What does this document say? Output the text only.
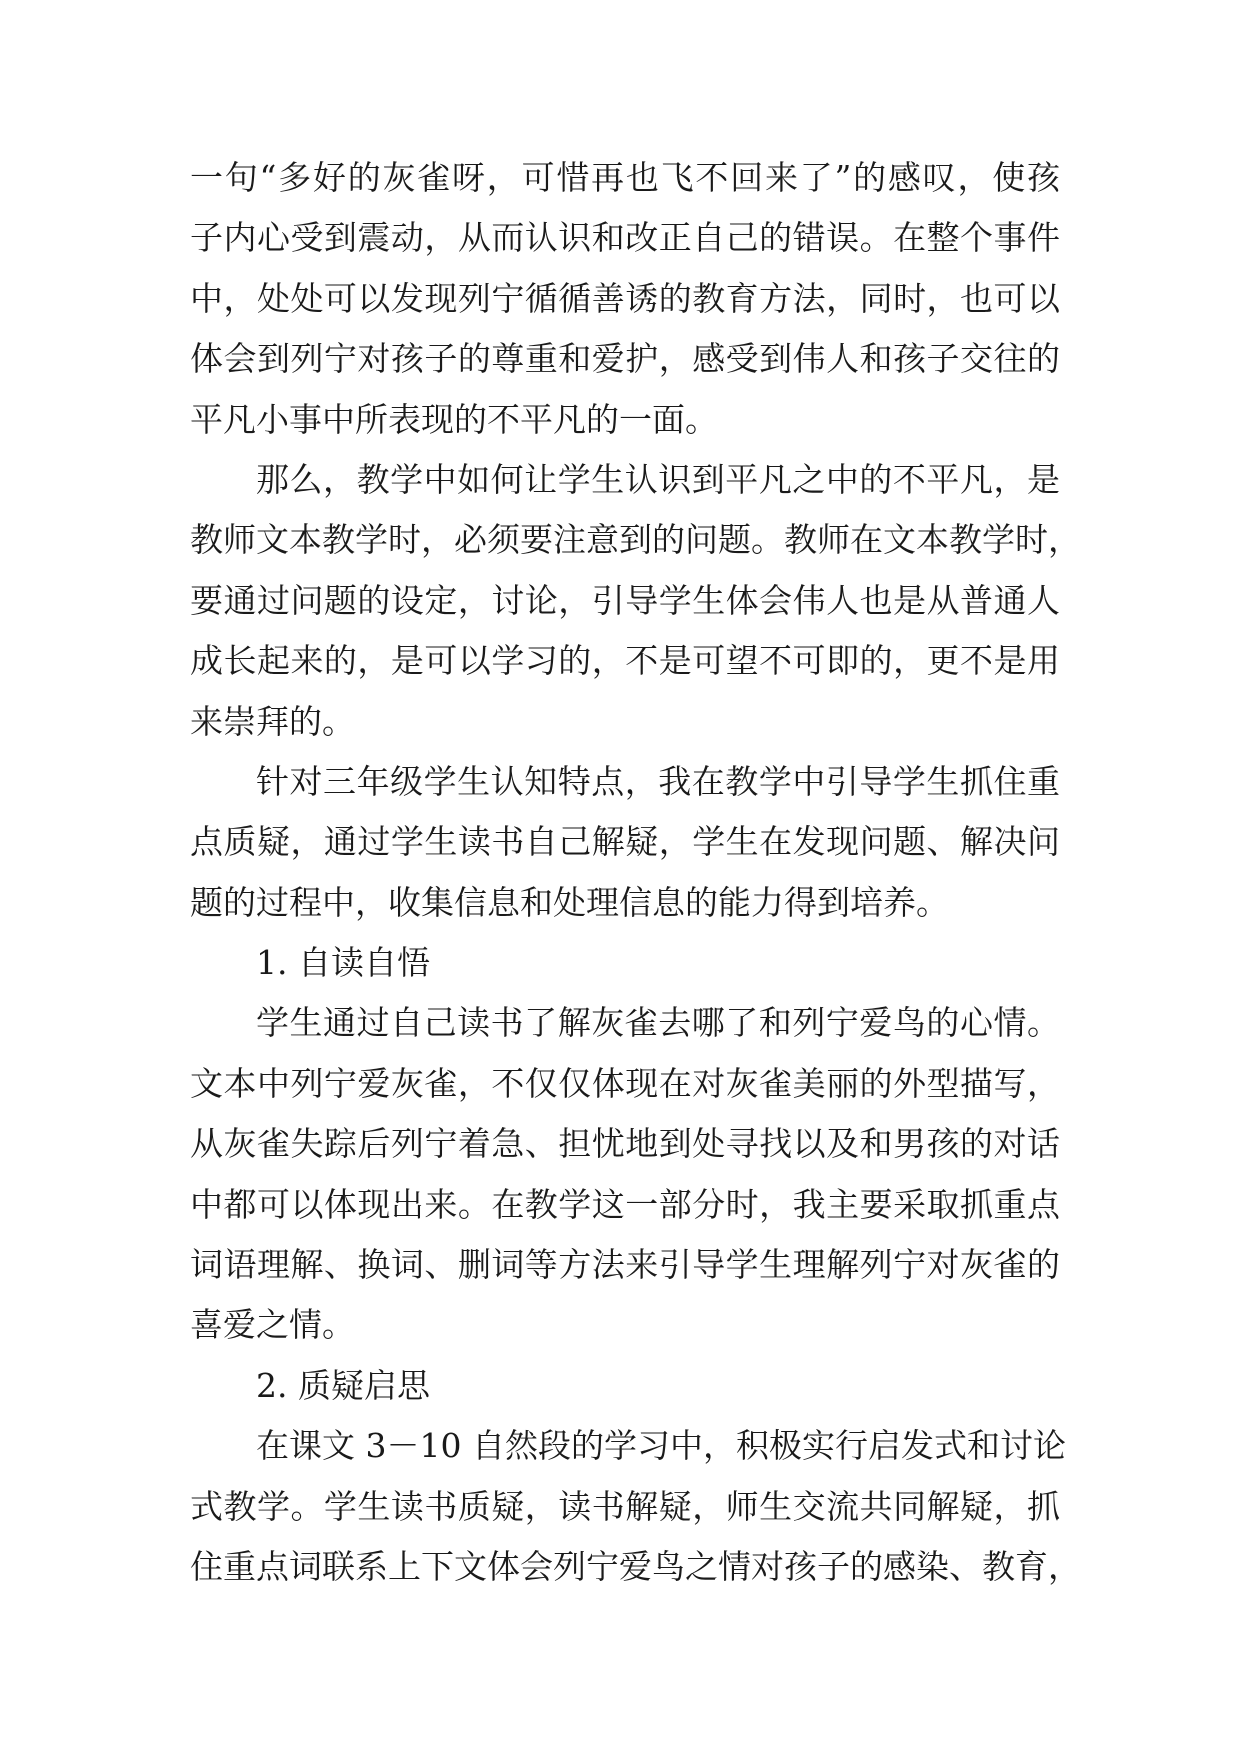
一句“多好的灰雀呀，可惜再也飞不回来了”的感叹，使孩
子内心受到震动，从而认识和改正自己的错误。在整个事件
中，处处可以发现列宁循循善诱的教育方法，同时，也可以
体会到列宁对孩子的尊重和爱护，感受到伟人和孩子交往的
平凡小事中所表现的不平凡的一面。
那么，教学中如何让学生认识到平凡之中的不平凡，是
教师文本教学时，必须要注意到的问题。教师在文本教学时，
要通过问题的设定，讨论，引导学生体会伟人也是从普通人
成长起来的，是可以学习的，不是可望不可即的，更不是用
来崇拜的。
针对三年级学生认知特点，我在教学中引导学生抓住重
点质疑，通过学生读书自己解疑，学生在发现问题、解决问
题的过程中，收集信息和处理信息的能力得到培养。
1. 自读自悟
学生通过自己读书了解灰雀去哪了和列宁爱鸟的心情。
文本中列宁爱灰雀，不仅仅体现在对灰雀美丽的外型描写，
从灰雀失踪后列宁着急、担忧地到处寻找以及和男孩的对话
中都可以体现出来。在教学这一部分时，我主要采取抓重点
词语理解、换词、删词等方法来引导学生理解列宁对灰雀的
喜爱之情。
2. 质疑启思
在课文 3－10 自然段的学习中，积极实行启发式和讨论
式教学。学生读书质疑，读书解疑，师生交流共同解疑，抓
住重点词联系上下文体会列宁爱鸟之情对孩子的感染、教育，
